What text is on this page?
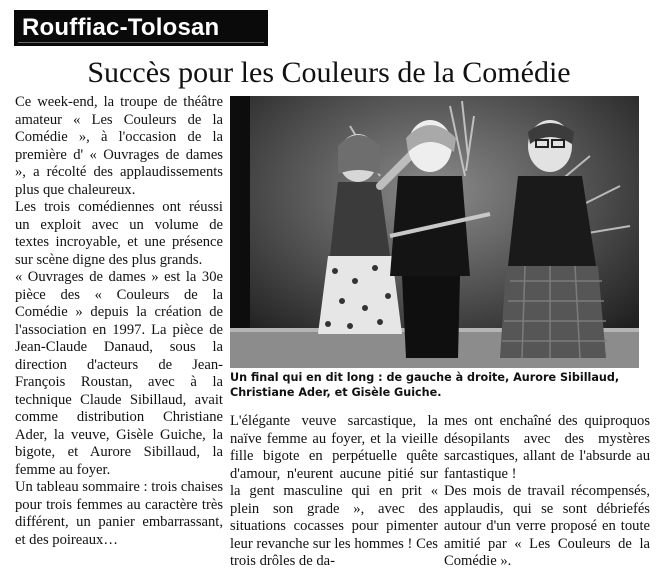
Rouffiac-Tolosan
Succès pour les Couleurs de la Comédie

Ce week-end, la troupe de théâtre amateur « Les Couleurs de la Comédie », à l'occasion de la première d' « Ouvrages de dames », a récolté des applaudissements plus que chaleureux.

Les trois comédiennes ont réussi un exploit avec un volume de textes incroyable, et une présence sur scène digne des plus grands.

« Ouvrages de dames » est la 30e pièce des « Couleurs de la Comédie » depuis la création de l'association en 1997. La pièce de Jean-Claude Danaud, sous la direction d'acteurs de Jean-François Roustan, avec à la technique Claude Sibillaud, avait comme distribution Christiane Ader, la veuve, Gisèle Guiche, la bigote, et Aurore Sibillaud, la femme au foyer.

Un tableau sommaire : trois chaises pour trois femmes au caractère très différent, un panier embarrassant, et des poireaux…

Un final qui en dit long : de gauche à droite, Aurore Sibillaud, Christiane Ader, et Gisèle Guiche.

L'élégante veuve sarcastique, la naïve femme au foyer, et la vieille fille bigote en perpétuelle quête d'amour, n'eurent aucune pitié sur la gent masculine qui en prit « plein son grade », avec des situations cocasses pour pimenter leur revanche sur les hommes ! Ces trois drôles de da-

mes ont enchaîné des quiproquos désopilants avec des mystères sarcastiques, allant de l'absurde au fantastique !

Des mois de travail récompensés, applaudis, qui se sont débriefés autour d'un verre proposé en toute amitié par « Les Couleurs de la Comédie ».
